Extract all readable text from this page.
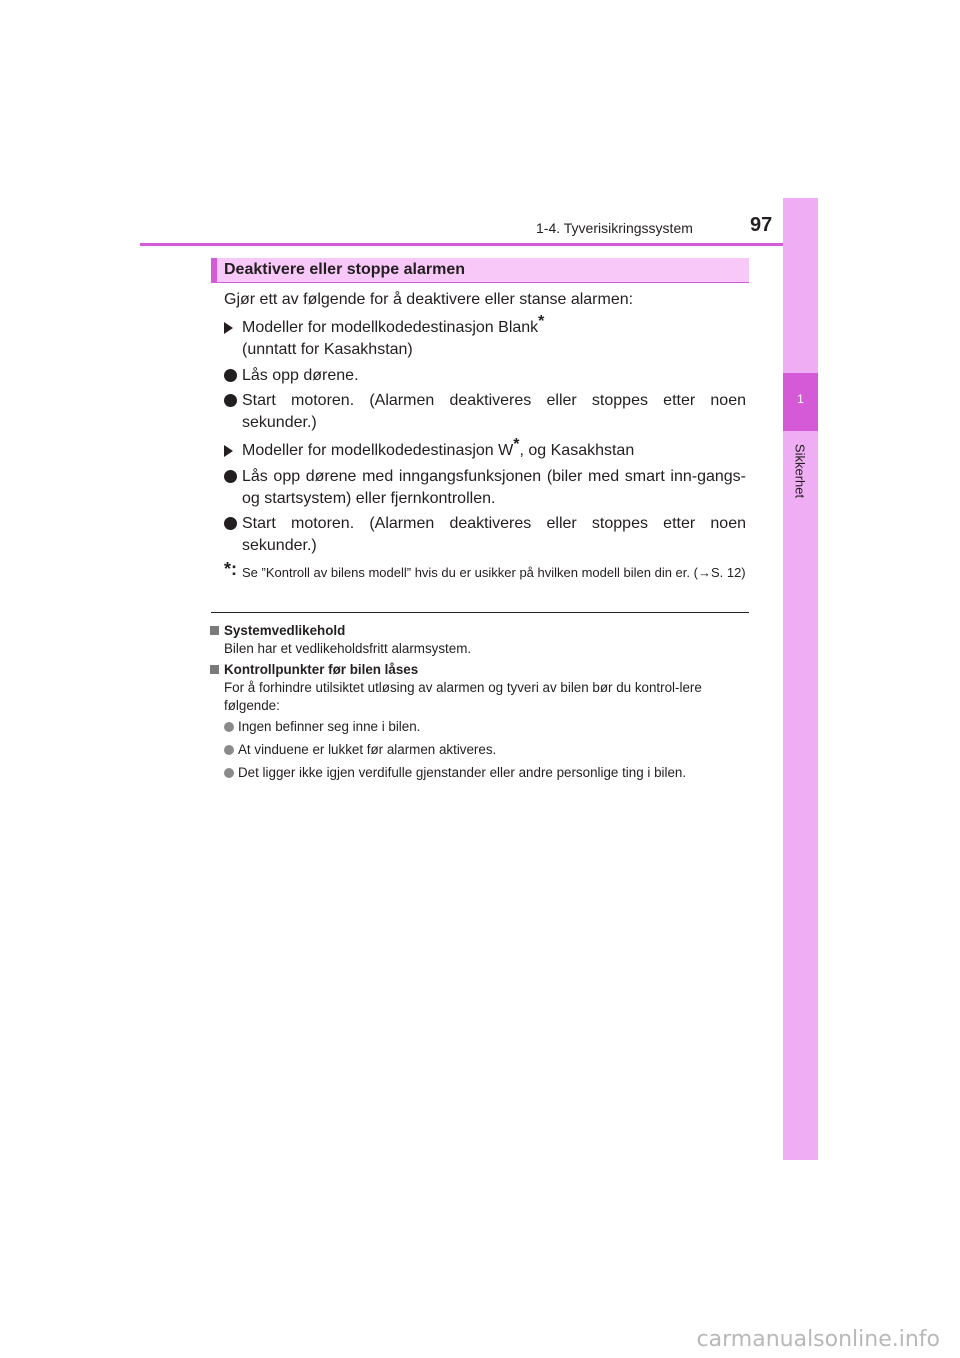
1-4. Tyverisikringssystem	97
1
Sikkerhet
Deaktivere eller stoppe alarmen

Gjør ett av følgende for å deaktivere eller stanse alarmen:

Modeller for modellkodedestinasjon Blank*
(unntatt for Kasakhstan)
Lås opp dørene.
Start motoren. (Alarmen deaktiveres eller stoppes etter noen sekunder.)
Modeller for modellkodedestinasjon W*, og Kasakhstan
Lås opp dørene med inngangsfunksjonen (biler med smart inn-gangs- og startsystem) eller fjernkontrollen.
Start motoren. (Alarmen deaktiveres eller stoppes etter noen sekunder.)
*: Se ”Kontroll av bilens modell” hvis du er usikker på hvilken modell bilen din er. (→S. 12)
Systemvedlikehold
Bilen har et vedlikeholdsfritt alarmsystem.
Kontrollpunkter før bilen låses
For å forhindre utilsiktet utløsing av alarmen og tyveri av bilen bør du kontrol-lere følgende:
Ingen befinner seg inne i bilen.
At vinduene er lukket før alarmen aktiveres.
Det ligger ikke igjen verdifulle gjenstander eller andre personlige ting i bilen.
carmanualsonline.info
